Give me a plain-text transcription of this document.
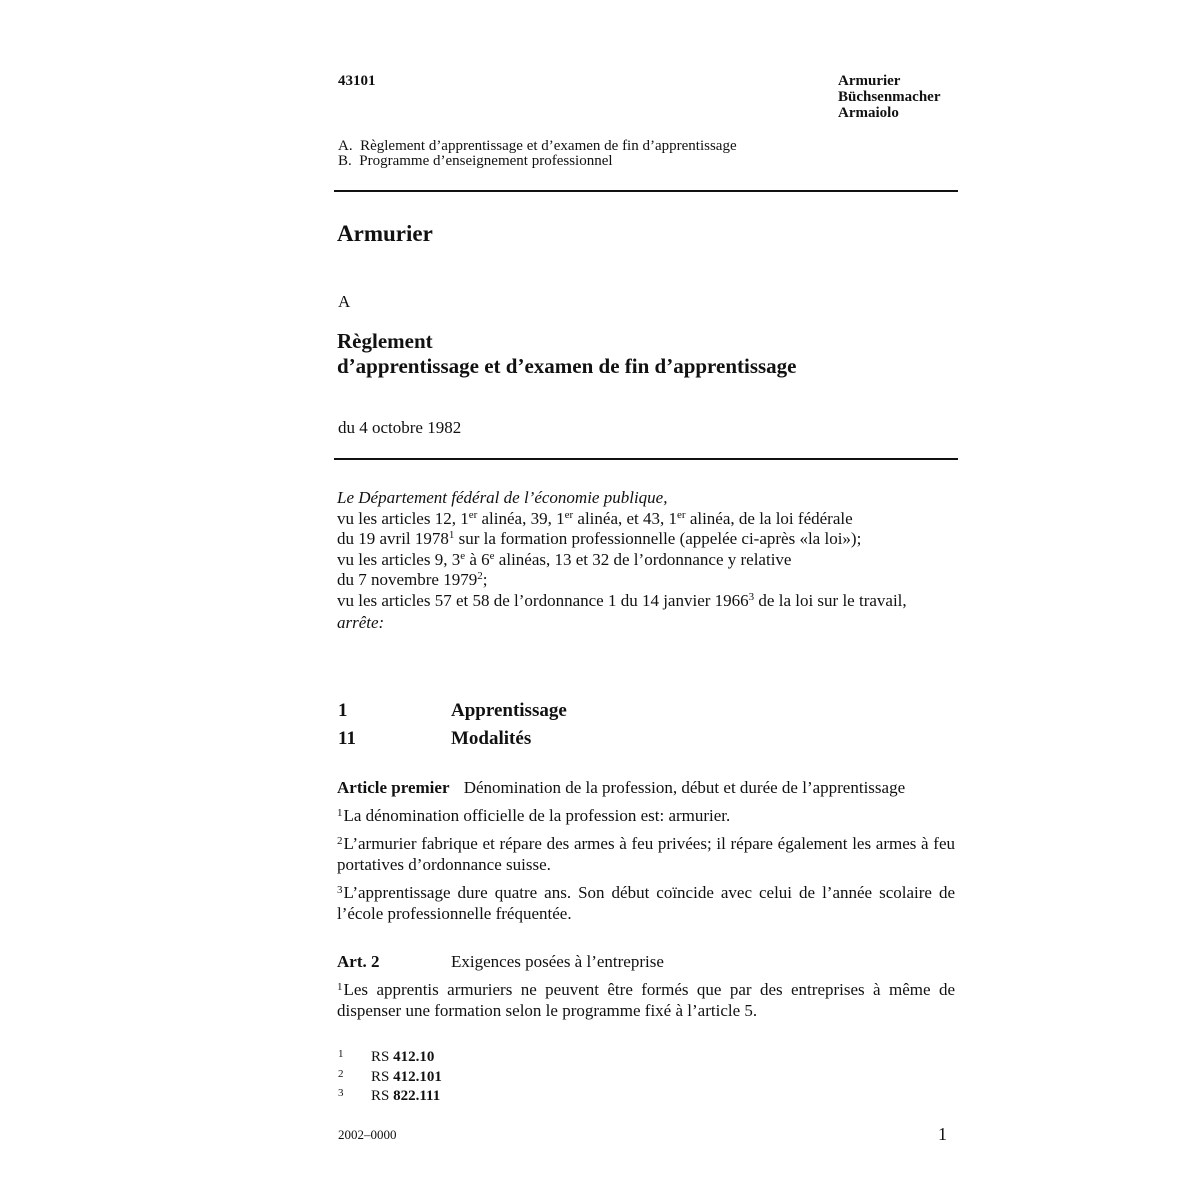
43101	Armurier
Büchsenmacher
Armaiolo
A.  Règlement d’apprentissage et d’examen de fin d’apprentissage
B.  Programme d’enseignement professionnel
Armurier
A
Règlement
d’apprentissage et d’examen de fin d’apprentissage
du 4 octobre 1982
Le Département fédéral de l’économie publique,
vu les articles 12, 1er alinéa, 39, 1er alinéa, et 43, 1er alinéa, de la loi fédérale
du 19 avril 1978$^1$ sur la formation professionnelle (appelée ci-après «la loi»);
vu les articles 9, 3e à 6e alinéas, 13 et 32 de l’ordonnance y relative
du 7 novembre 1979$^2$;
vu les articles 57 et 58 de l’ordonnance 1 du 14 janvier 1966$^3$ de la loi sur le travail,
arrête:
1	Apprentissage
11	Modalités
Article premier Dénomination de la profession, début et durée de l’apprentissage
$^1$La dénomination officielle de la profession est: armurier.
$^2$L’armurier fabrique et répare des armes à feu privées; il répare également les armes à feu portatives d’ordonnance suisse.
$^3$L’apprentissage dure quatre ans. Son début coïncide avec celui de l’année scolaire de l’école professionnelle fréquentée.
Art. 2	Exigences posées à l’entreprise
$^1$Les apprentis armuriers ne peuvent être formés que par des entreprises à même de dispenser une formation selon le programme fixé à l’article 5.
1 RS 412.10
2 RS 412.101
3 RS 822.111
2002–0000	1
